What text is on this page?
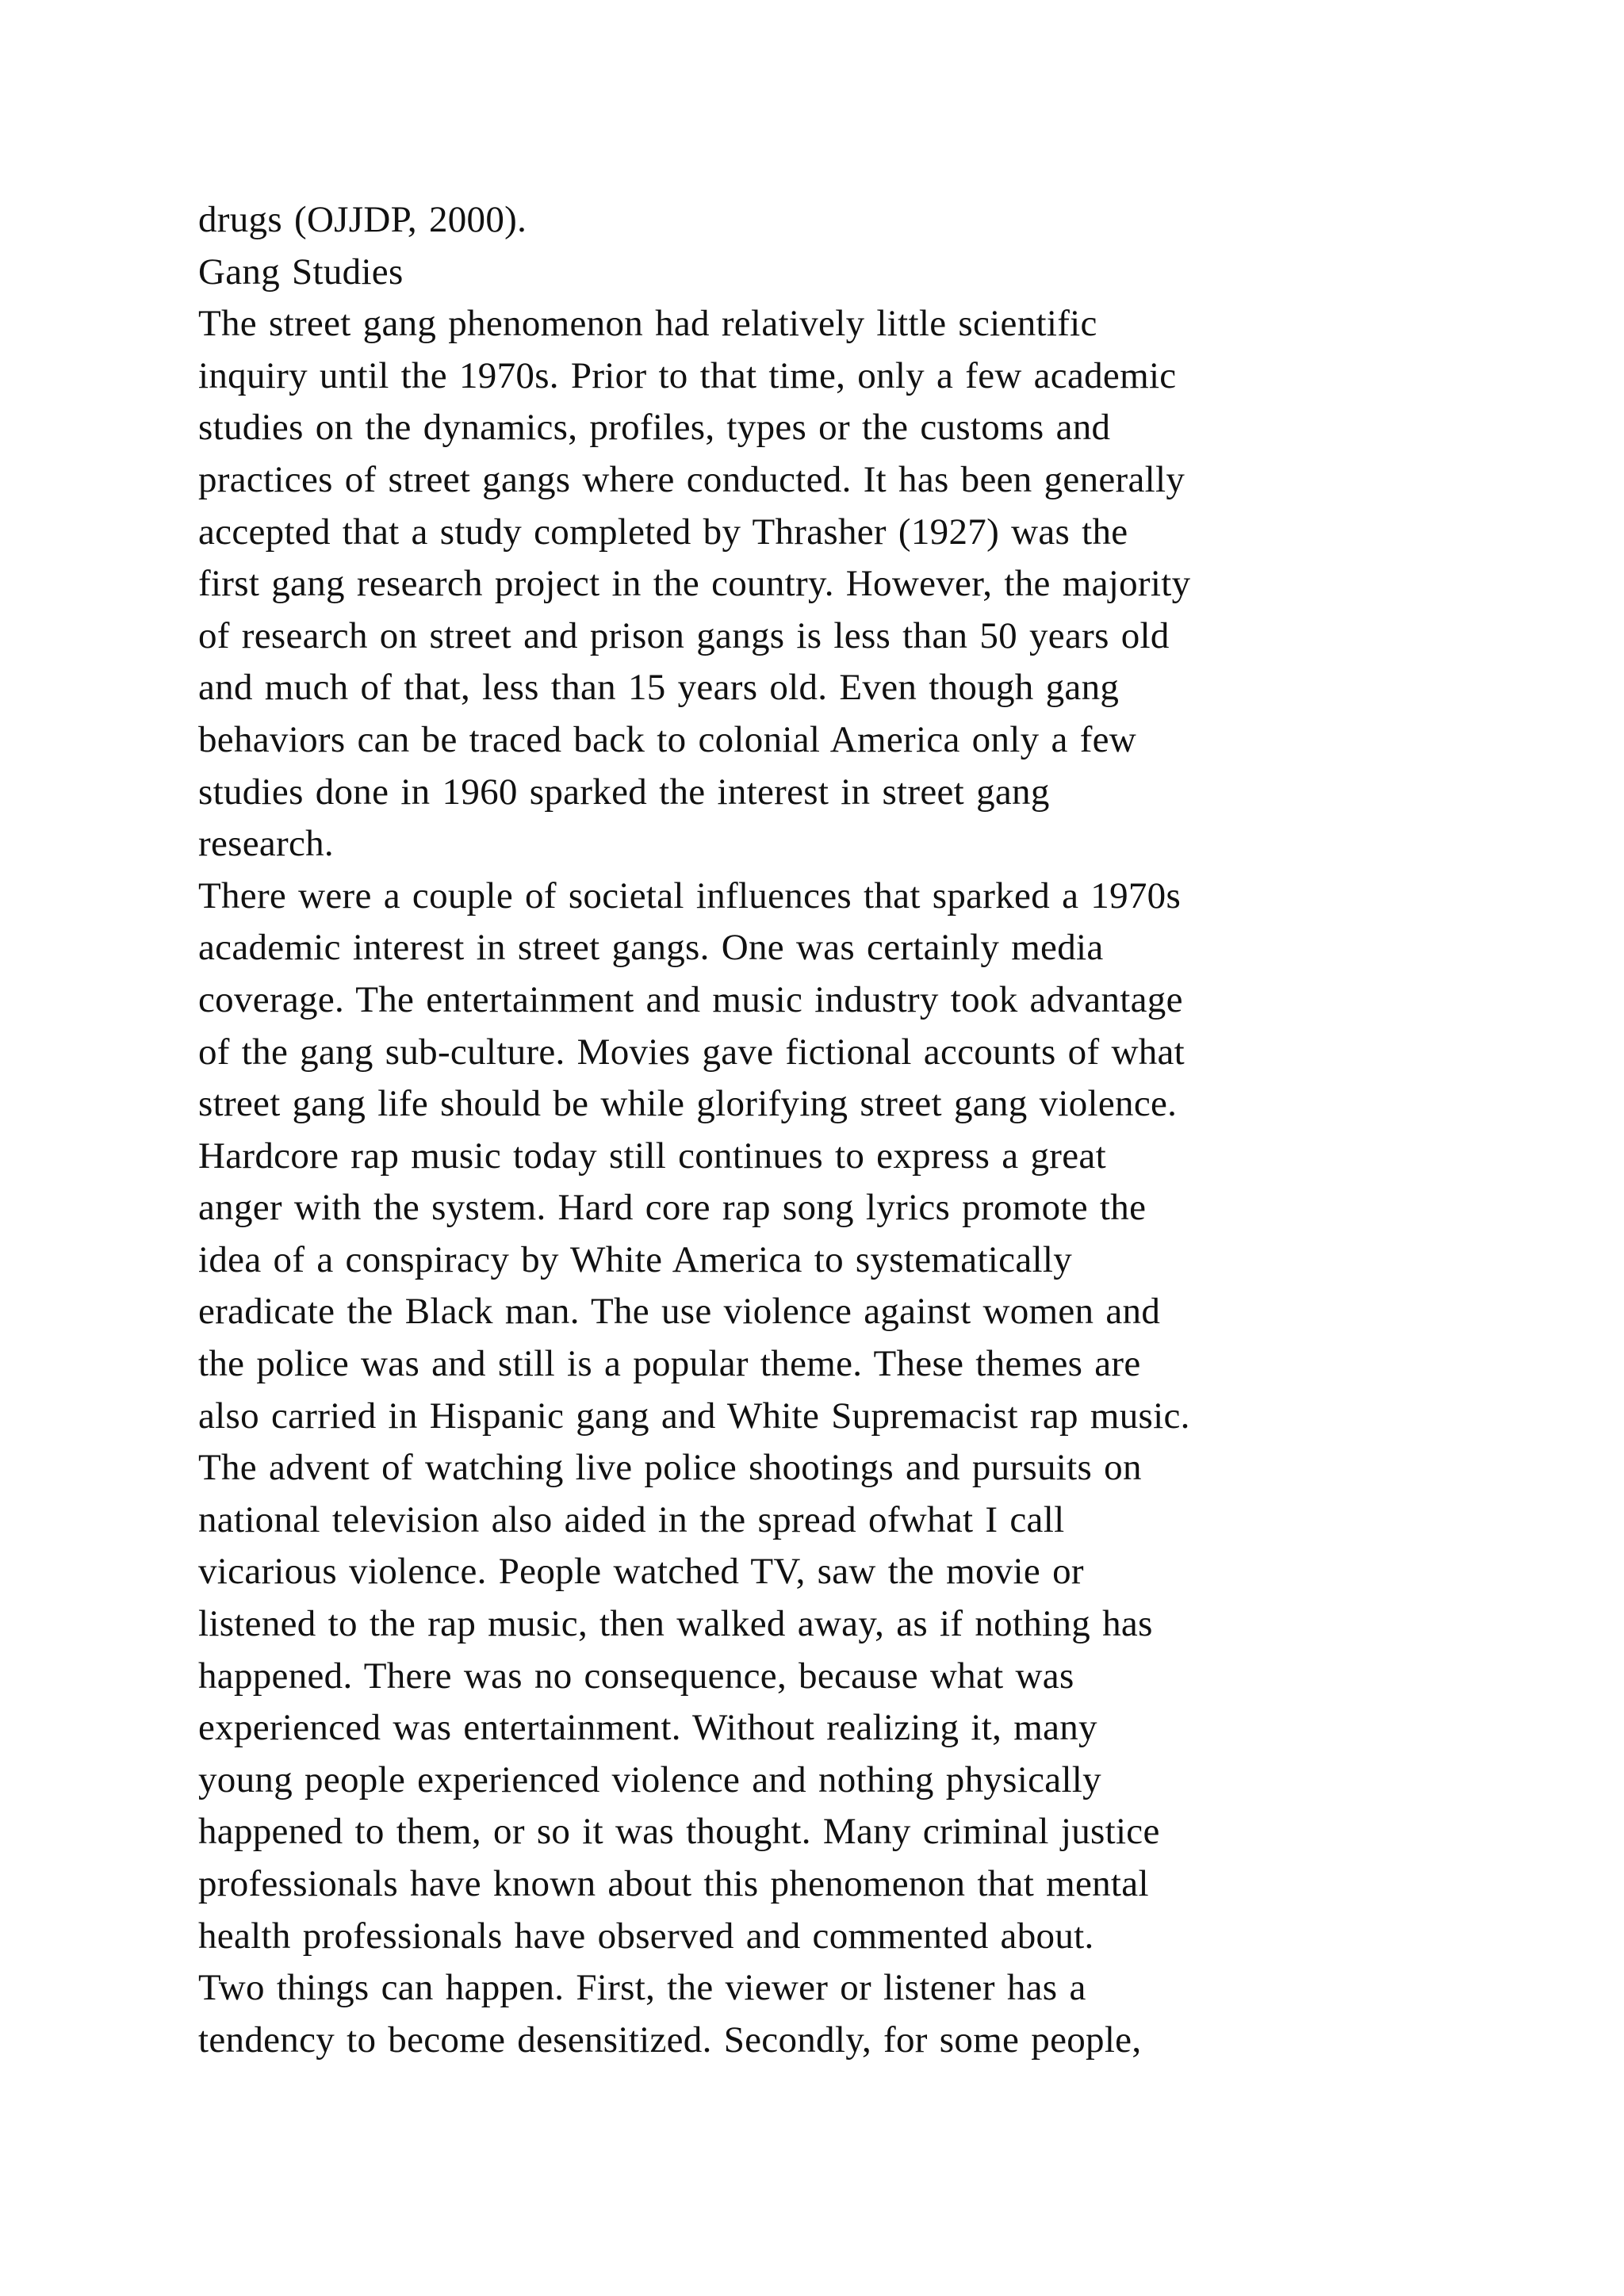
drugs (OJJDP, 2000).
Gang Studies
The street gang phenomenon had relatively little scientific
inquiry until the 1970s. Prior to that time, only a few academic
studies on the dynamics, profiles, types or the customs and
practices of street gangs where conducted. It has been generally
accepted that a study completed by Thrasher (1927) was the
first gang research project in the country. However, the majority
of research on street and prison gangs is less than 50 years old
and much of that, less than 15 years old. Even though gang
behaviors can be traced back to colonial America only a few
studies done in 1960 sparked the interest in street gang
research.
There were a couple of societal influences that sparked a 1970s
academic interest in street gangs. One was certainly media
coverage. The entertainment and music industry took advantage
of the gang sub-culture. Movies gave fictional accounts of what
street gang life should be while glorifying street gang violence.
Hardcore rap music today still continues to express a great
anger with the system. Hard core rap song lyrics promote the
idea of a conspiracy by White America to systematically
eradicate the Black man. The use violence against women and
the police was and still is a popular theme. These themes are
also carried in Hispanic gang and White Supremacist rap music.
The advent of watching live police shootings and pursuits on
national television also aided in the spread ofwhat I call
vicarious violence. People watched TV, saw the movie or
listened to the rap music, then walked away, as if nothing has
happened. There was no consequence, because what was
experienced was entertainment. Without realizing it, many
young people experienced violence and nothing physically
happened to them, or so it was thought. Many criminal justice
professionals have known about this phenomenon that mental
health professionals have observed and commented about.
Two things can happen. First, the viewer or listener has a
tendency to become desensitized. Secondly, for some people,
